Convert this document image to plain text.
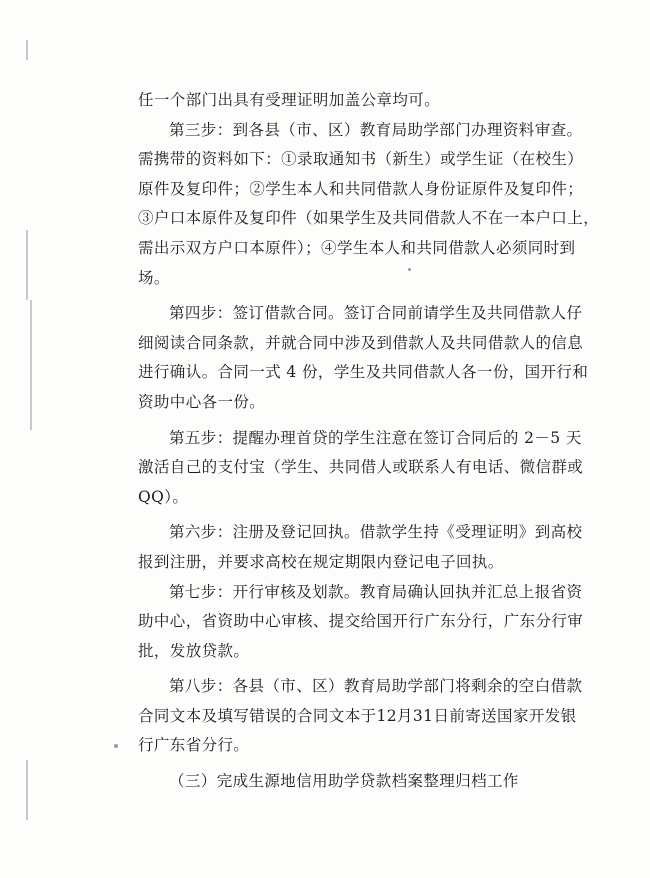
任一个部门出具有受理证明加盖公章均可。
第三步：到各县（市、区）教育局助学部门办理资料审查。
需携带的资料如下：①录取通知书（新生）或学生证（在校生）
原件及复印件；②学生本人和共同借款人身份证原件及复印件；
③户口本原件及复印件（如果学生及共同借款人不在一本户口上，
需出示双方户口本原件）；④学生本人和共同借款人必须同时到
场。
第四步：签订借款合同。签订合同前请学生及共同借款人仔
细阅读合同条款，并就合同中涉及到借款人及共同借款人的信息
进行确认。合同一式 4 份，学生及共同借款人各一份，国开行和
资助中心各一份。
第五步：提醒办理首贷的学生注意在签订合同后的 2－5 天
激活自己的支付宝（学生、共同借人或联系人有电话、微信群或
QQ）。
第六步：注册及登记回执。借款学生持《受理证明》到高校
报到注册，并要求高校在规定期限内登记电子回执。
第七步：开行审核及划款。教育局确认回执并汇总上报省资
助中心，省资助中心审核、提交给国开行广东分行，广东分行审
批，发放贷款。
第八步：各县（市、区）教育局助学部门将剩余的空白借款
合同文本及填写错误的合同文本于12月31日前寄送国家开发银
行广东省分行。
（三）完成生源地信用助学贷款档案整理归档工作
